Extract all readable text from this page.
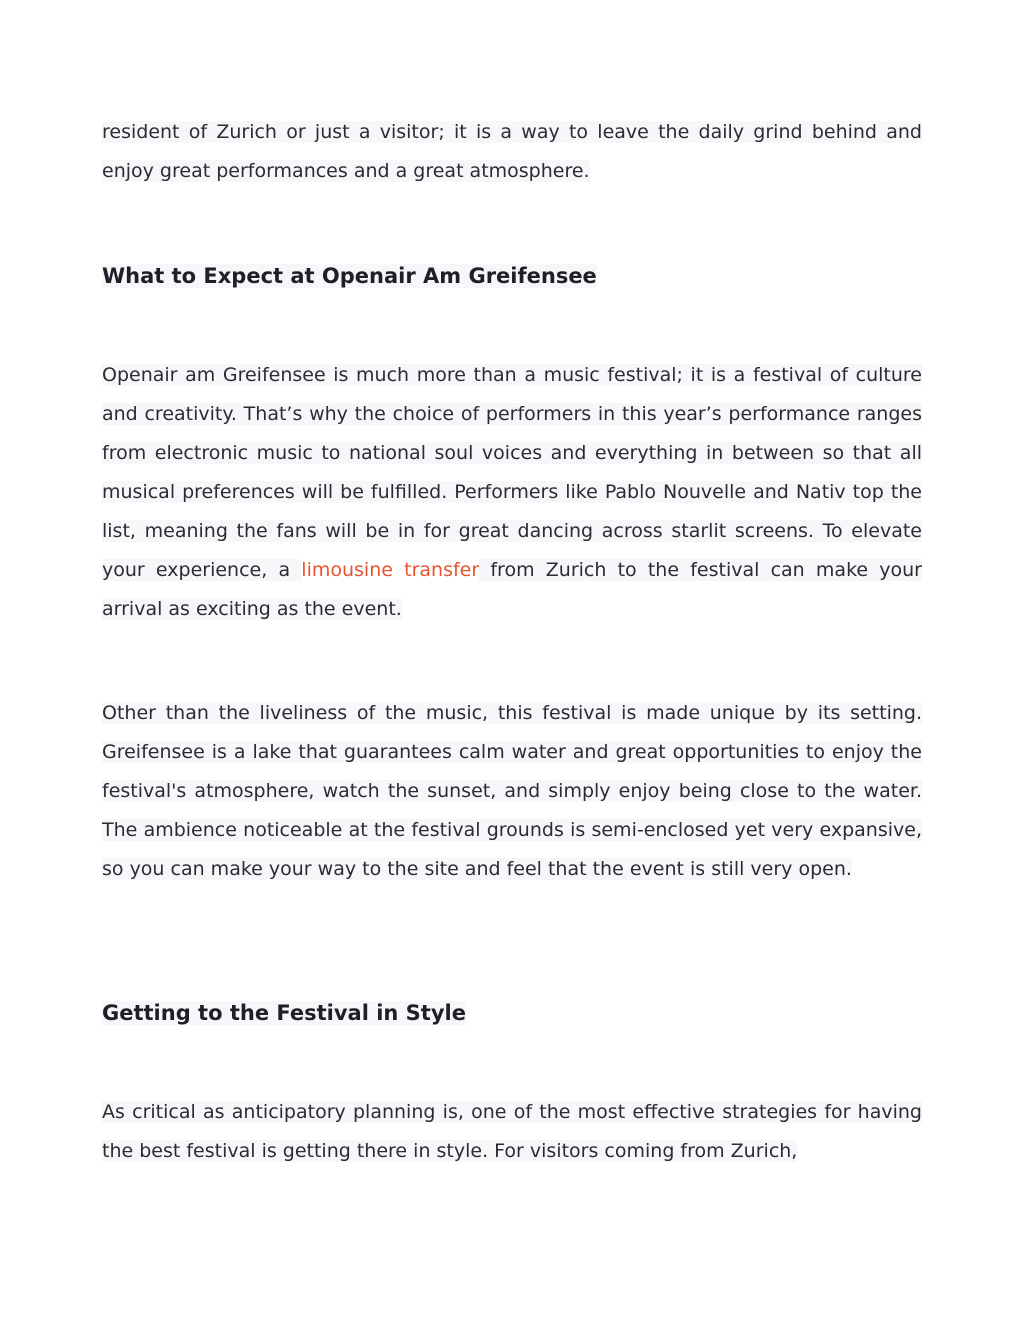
resident of Zurich or just a visitor; it is a way to leave the daily grind behind and enjoy great performances and a great atmosphere.

What to Expect at Openair Am Greifensee

Openair am Greifensee is much more than a music festival; it is a festival of culture and creativity. That’s why the choice of performers in this year’s performance ranges from electronic music to national soul voices and everything in between so that all musical preferences will be fulfilled. Performers like Pablo Nouvelle and Nativ top the list, meaning the fans will be in for great dancing across starlit screens. To elevate your experience, a limousine transfer from Zurich to the festival can make your arrival as exciting as the event.

Other than the liveliness of the music, this festival is made unique by its setting. Greifensee is a lake that guarantees calm water and great opportunities to enjoy the festival's atmosphere, watch the sunset, and simply enjoy being close to the water. The ambience noticeable at the festival grounds is semi-enclosed yet very expansive, so you can make your way to the site and feel that the event is still very open.

Getting to the Festival in Style

As critical as anticipatory planning is, one of the most effective strategies for having the best festival is getting there in style. For visitors coming from Zurich,
